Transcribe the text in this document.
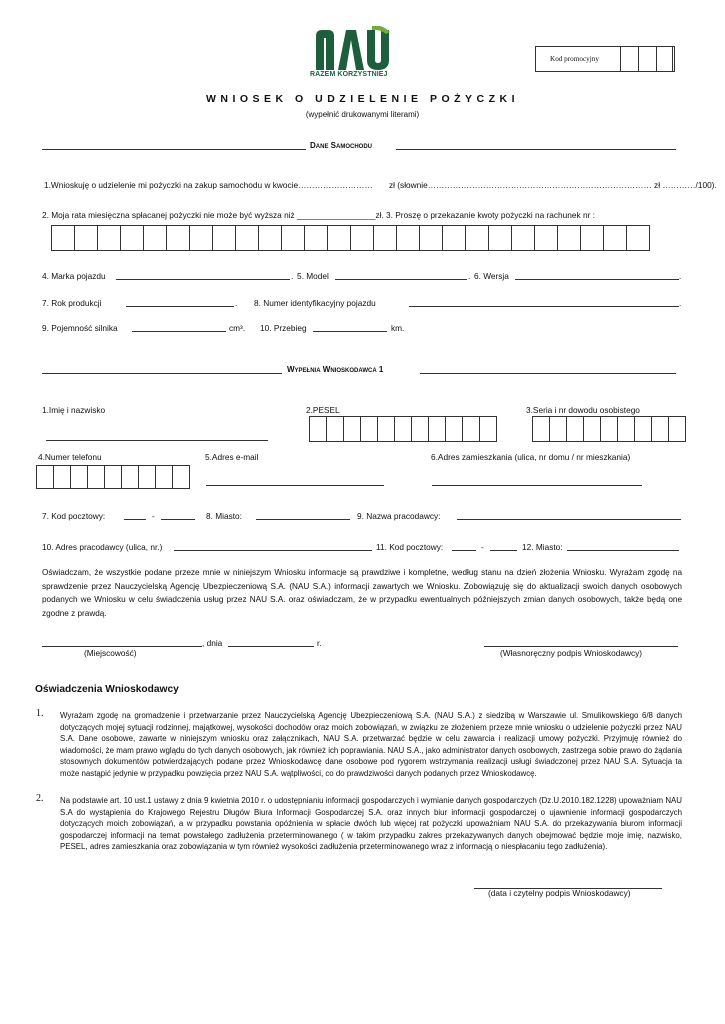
RAZEM KORZYSTNIEJ
Kod promocyjny
WNIOSEK O UDZIELENIE POŻYCZKI
(wypełnić drukowanymi literami)
Dane Samochodu
1.Wnioskuję o udzielenie mi pożyczki na zakup samochodu w kwocie……………………… zł (słownie……………………………………………………………………… zł …………/100).
2. Moja rata miesięczna spłacanej pożyczki nie może być wyższa niż _________________zł. 3. Proszę o przekazanie kwoty pożyczki na rachunek nr :
4. Marka pojazdu	. 5. Model	. 6. Wersja	.
7. Rok produkcji	. 8. Numer identyfikacyjny pojazdu	.
9. Pojemność silnika	cm³. 10. Przebieg	km.
Wypełnia Wnioskodawca 1
1.Imię i nazwisko	2.PESEL	3.Seria i nr dowodu osobistego
4.Numer telefonu	5.Adres e-mail	6.Adres zamieszkania (ulica, nr domu / nr mieszkania)
7. Kod pocztowy:	-	8. Miasto:	9. Nazwa pracodawcy:
10. Adres pracodawcy (ulica, nr.)	11. Kod pocztowy:	-	12. Miasto:
Oświadczam, że wszystkie podane przeze mnie w niniejszym Wniosku informacje są prawdziwe i kompletne, według stanu na dzień złożenia Wniosku. Wyrażam zgodę na sprawdzenie przez Nauczycielską Agencję Ubezpieczeniową S.A. (NAU S.A.) informacji zawartych we Wniosku. Zobowiązuję się do aktualizacji swoich danych osobowych podanych we Wniosku w celu świadczenia usług przez NAU S.A. oraz oświadczam, że w przypadku ewentualnych późniejszych zmian danych osobowych, także będą one zgodne z prawdą.
, dnia	r.
(Miejscowość)	(Własnoręczny podpis Wnioskodawcy)
Oświadczenia Wnioskodawcy
1. Wyrażam zgodę na gromadzenie i przetwarzanie przez Nauczycielską Agencję Ubezpieczeniową S.A. (NAU S.A.) z siedzibą w Warszawie ul. Smulikowskiego 6/8 danych dotyczących mojej sytuacji rodzinnej, majątkowej, wysokości dochodów oraz moich zobowiązań, w związku ze złożeniem przeze mnie wniosku o udzielenie pożyczki przez NAU S.A. Dane osobowe, zawarte w niniejszym wniosku oraz załącznikach, NAU S.A. przetwarzać będzie w celu zawarcia i realizacji umowy pożyczki. Przyjmuję również do wiadomości, że mam prawo wglądu do tych danych osobowych, jak również ich poprawiania. NAU S.A., jako administrator danych osobowych, zastrzega sobie prawo do żądania stosownych dokumentów potwierdzających podane przez Wnioskodawcę dane osobowe pod rygorem wstrzymania realizacji usługi świadczonej przez NAU S.A. Sytuacja ta może nastąpić jedynie w przypadku powzięcia przez NAU S.A. wątpliwości, co do prawdziwości danych podanych przez Wnioskodawcę.
2. Na podstawie art. 10 ust.1 ustawy z dnia 9 kwietnia 2010 r. o udostępnianiu informacji gospodarczych i wymianie danych gospodarczych (Dz.U.2010.182.1228) upoważniam NAU S.A do wystąpienia do Krajowego Rejestru Długów Biura Informacji Gospodarczej S.A. oraz innych biur informacji gospodarczej o ujawnienie informacji gospodarczych dotyczących moich zobowiązań, a w przypadku powstania opóźnienia w spłacie dwóch lub więcej rat pożyczki upoważniam NAU S.A. do przekazywania biurom informacji gospodarczej informacji na temat powstałego zadłużenia przeterminowanego ( w takim przypadku zakres przekazywanych danych obejmować będzie moje imię, nazwisko, PESEL, adres zamieszkania oraz zobowiązania w tym również wysokości zadłużenia przeterminowanego wraz z informacją o niespłacaniu tego zadłużenia).
(data i czytelny podpis Wnioskodawcy)
